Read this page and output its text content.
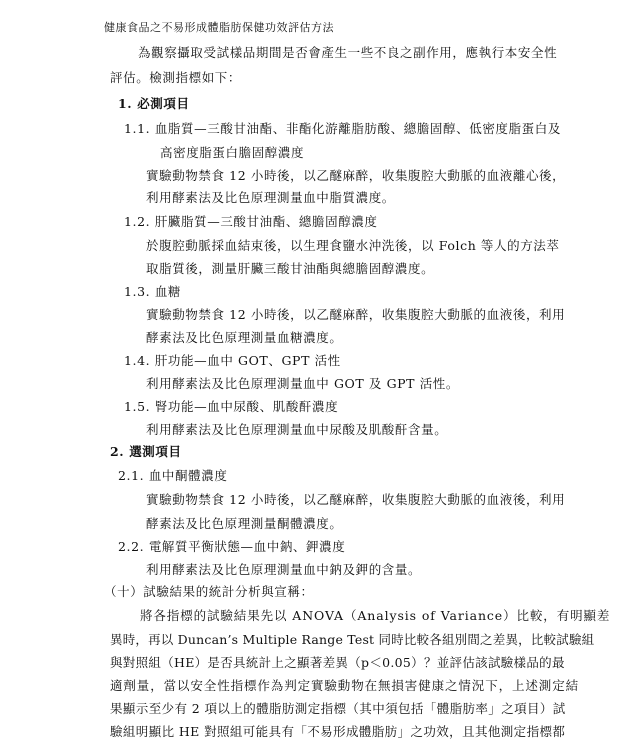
健康食品之不易形成體脂肪保健功效評估方法
為觀察攝取受試樣品期間是否會產生一些不良之副作用，應執行本安全性
評估。檢測指標如下：
1. 必測項目
1.1. 血脂質—三酸甘油酯、非酯化游離脂肪酸、總膽固醇、低密度脂蛋白及
高密度脂蛋白膽固醇濃度
實驗動物禁食 12 小時後，以乙醚麻醉，收集腹腔大動脈的血液離心後，
利用酵素法及比色原理測量血中脂質濃度。
1.2. 肝臟脂質—三酸甘油酯、總膽固醇濃度
於腹腔動脈採血結束後，以生理食鹽水沖洗後，以 Folch 等人的方法萃
取脂質後，測量肝臟三酸甘油酯與總膽固醇濃度。
1.3. 血糖
實驗動物禁食 12 小時後，以乙醚麻醉，收集腹腔大動脈的血液後，利用
酵素法及比色原理測量血糖濃度。
1.4. 肝功能—血中 GOT、GPT 活性
利用酵素法及比色原理測量血中 GOT 及 GPT 活性。
1.5. 腎功能—血中尿酸、肌酸酐濃度
利用酵素法及比色原理測量血中尿酸及肌酸酐含量。
2. 選測項目
2.1. 血中酮體濃度
實驗動物禁食 12 小時後，以乙醚麻醉，收集腹腔大動脈的血液後，利用
酵素法及比色原理測量酮體濃度。
2.2. 電解質平衡狀態—血中鈉、鉀濃度
利用酵素法及比色原理測量血中鈉及鉀的含量。
（十）試驗結果的統計分析與宣稱：
將各指標的試驗結果先以 ANOVA（Analysis of Variance）比較，有明顯差
異時，再以 Duncan’s Multiple Range Test 同時比較各組別間之差異，比較試驗組
與對照組（HE）是否具統計上之顯著差異（p＜0.05）？並評估該試驗樣品的最
適劑量，當以安全性指標作為判定實驗動物在無損害健康之情況下，上述測定結
果顯示至少有 2 項以上的體脂肪測定指標（其中須包括「體脂肪率」之項目）試
驗組明顯比 HE 對照組可能具有「不易形成體脂肪」之功效，且其他測定指標都
